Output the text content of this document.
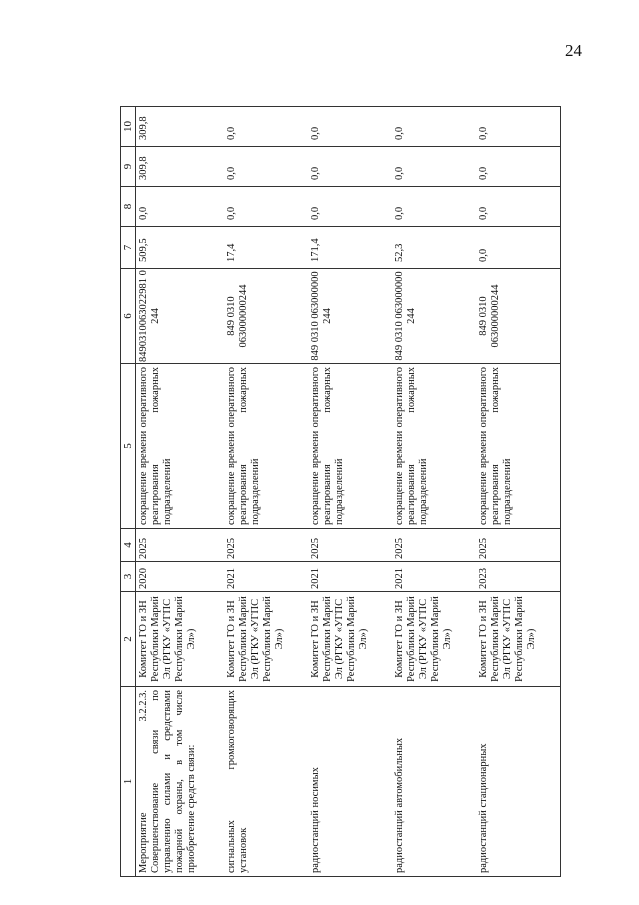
24
1	2	3	4	5	6	7	8	9	10
Мероприятие 3.2.2.3. Совершенствование связи по управлению силами и средствами пожарной охраны, в том числе приобретение средств связи:	Комитет ГО и ЗН Республики Марий Эл (РГКУ «УГПС Республики Марий Эл»)	2020	2025	сокращение времени оперативного реагирования пожарных подразделений	8490310063022981 0 244	509,5	0,0	309,8	309,8
сигнальных громкоговорящих установок	Комитет ГО и ЗН Республики Марий Эл (РГКУ «УГПС Республики Марий Эл»)	2021	2025	сокращение времени оперативного реагирования пожарных подразделений	849 0310 063000000244	17,4	0,0	0,0	0,0
радиостанций носимых	Комитет ГО и ЗН Республики Марий Эл (РГКУ «УГПС Республики Марий Эл»)	2021	2025	сокращение времени оперативного реагирования пожарных подразделений	849 0310 063000000 244	171,4	0,0	0,0	0,0
радиостанций автомобильных	Комитет ГО и ЗН Республики Марий Эл (РГКУ «УГПС Республики Марий Эл»)	2021	2025	сокращение времени оперативного реагирования пожарных подразделений	849 0310 063000000 244	52,3	0,0	0,0	0,0
радиостанций стационарных	Комитет ГО и ЗН Республики Марий Эл (РГКУ «УГПС Республики Марий Эл»)	2023	2025	сокращение времени оперативного реагирования пожарных подразделений	849 0310 063000000244	0,0	0,0	0,0	0,0
